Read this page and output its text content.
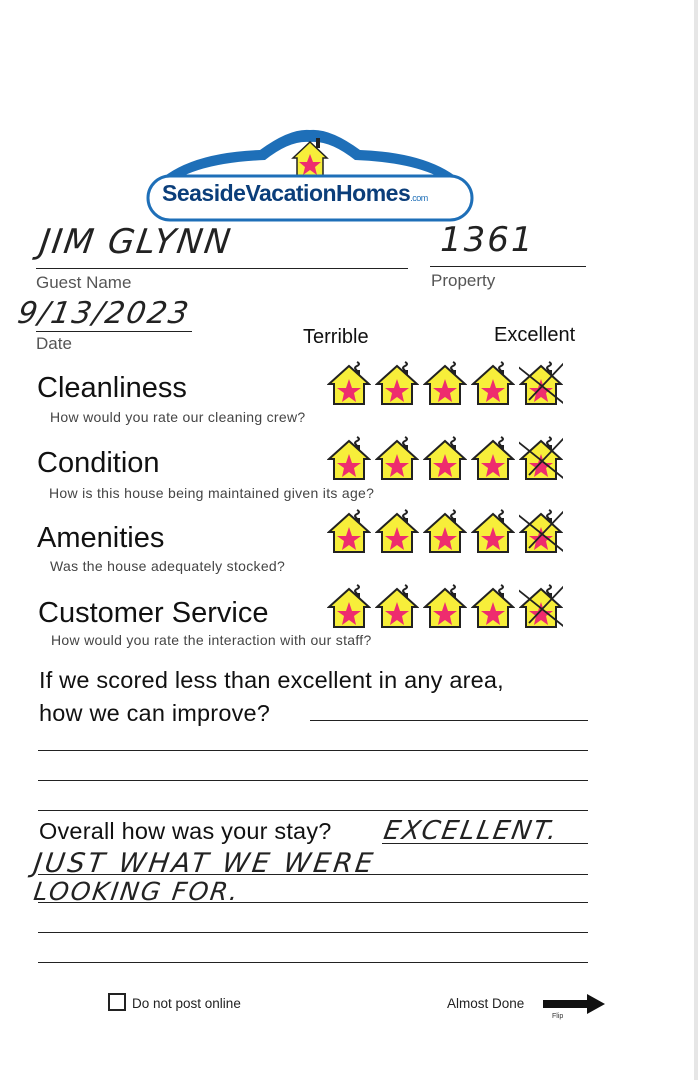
SeasideVacationHomes.com
JIM GLYNN
Guest Name
1361
Property
9/13/2023
Date	Terrible	Excellent
Cleanliness
How would you rate our cleaning crew?
Condition
How is this house being maintained given its age?
Amenities
Was the house adequately stocked?
Customer Service
How would you rate the interaction with our staff?
If we scored less than excellent in any area,
how we can improve?
Overall how was your stay? EXCELLENT.
JUST WHAT WE WERE
LOOKING FOR.
Do not post online	Almost Done
Flip
